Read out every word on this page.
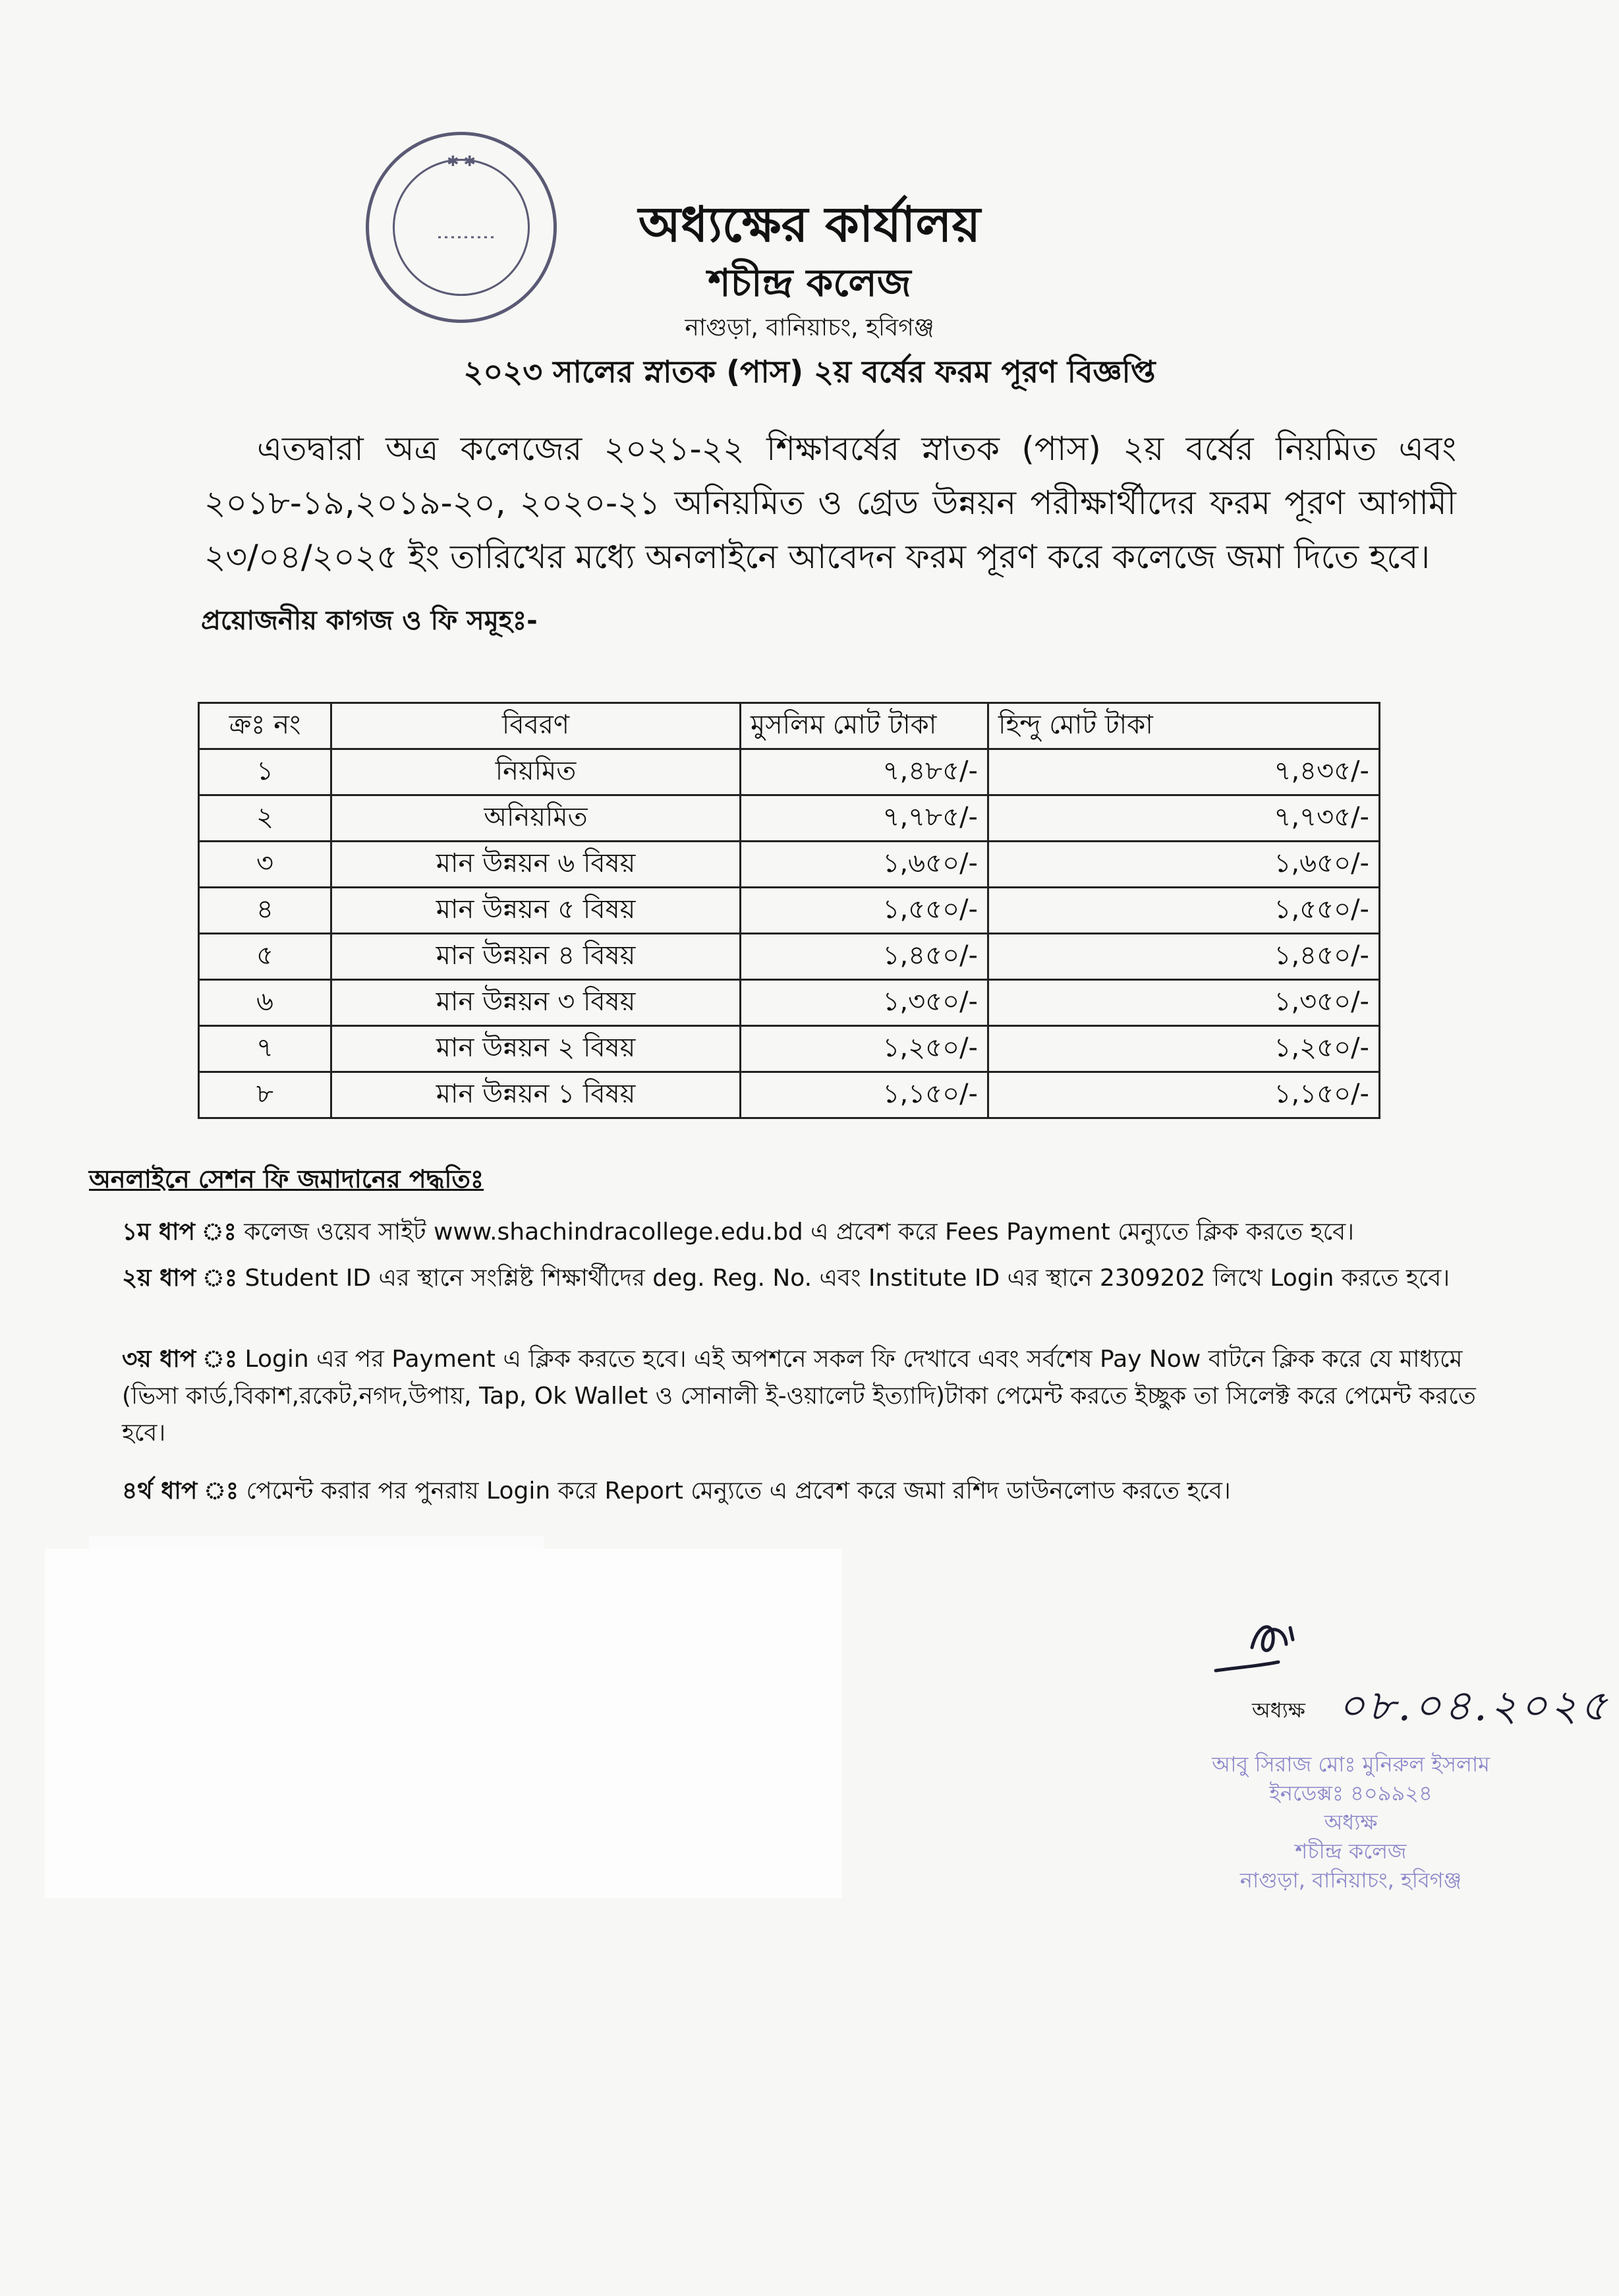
✱ ✱
অধ্যক্ষের কার্যালয়
শচীন্দ্র কলেজ
নাগুড়া, বানিয়াচং, হবিগঞ্জ
২০২৩ সালের স্নাতক (পাস) ২য় বর্ষের ফরম পূরণ বিজ্ঞপ্তি
এতদ্বারা অত্র কলেজের ২০২১-২২ শিক্ষাবর্ষের স্নাতক (পাস) ২য় বর্ষের নিয়মিত এবং ২০১৮-১৯,২০১৯-২০, ২০২০-২১ অনিয়মিত ও গ্রেড উন্নয়ন পরীক্ষার্থীদের ফরম পূরণ আগামী ২৩/০৪/২০২৫ ইং তারিখের মধ্যে অনলাইনে আবেদন ফরম পূরণ করে কলেজে জমা দিতে হবে।
প্রয়োজনীয় কাগজ ও ফি সমূহঃ-
ক্রঃ নং	বিবরণ	মুসলিম মোট টাকা	হিন্দু মোট টাকা
১	নিয়মিত	৭,৪৮৫/-	৭,৪৩৫/-
২	অনিয়মিত	৭,৭৮৫/-	৭,৭৩৫/-
৩	মান উন্নয়ন ৬ বিষয়	১,৬৫০/-	১,৬৫০/-
৪	মান উন্নয়ন ৫ বিষয়	১,৫৫০/-	১,৫৫০/-
৫	মান উন্নয়ন ৪ বিষয়	১,৪৫০/-	১,৪৫০/-
৬	মান উন্নয়ন ৩ বিষয়	১,৩৫০/-	১,৩৫০/-
৭	মান উন্নয়ন ২ বিষয়	১,২৫০/-	১,২৫০/-
৮	মান উন্নয়ন ১ বিষয়	১,১৫০/-	১,১৫০/-
অনলাইনে সেশন ফি জমাদানের পদ্ধতিঃ
১ম ধাপ ঃ কলেজ ওয়েব সাইট www.shachindracollege.edu.bd এ প্রবেশ করে Fees Payment মেন্যুতে ক্লিক করতে হবে।
২য় ধাপ ঃ Student ID এর স্থানে সংশ্লিষ্ট শিক্ষার্থীদের deg. Reg. No. এবং Institute ID এর স্থানে 2309202 লিখে Login করতে হবে।
৩য় ধাপ ঃ Login এর পর Payment এ ক্লিক করতে হবে। এই অপশনে সকল ফি দেখাবে এবং সর্বশেষ Pay Now বাটনে ক্লিক করে যে মাধ্যমে (ভিসা কার্ড,বিকাশ,রকেট,নগদ,উপায়, Tap, Ok Wallet ও সোনালী ই-ওয়ালেট ইত্যাদি)টাকা পেমেন্ট করতে ইচ্ছুক তা সিলেক্ট করে পেমেন্ট করতে হবে।
৪র্থ ধাপ ঃ পেমেন্ট করার পর পুনরায় Login করে Report মেন্যুতে এ প্রবেশ করে জমা রশিদ ডাউনলোড করতে হবে।
অধ্যক্ষ ০৮.০৪.২০২৫
আবু সিরাজ মোঃ মুনিরুল ইসলাম
ইনডেক্সঃ ৪০৯৯২৪
অধ্যক্ষ
শচীন্দ্র কলেজ
নাগুড়া, বানিয়াচং, হবিগঞ্জ
